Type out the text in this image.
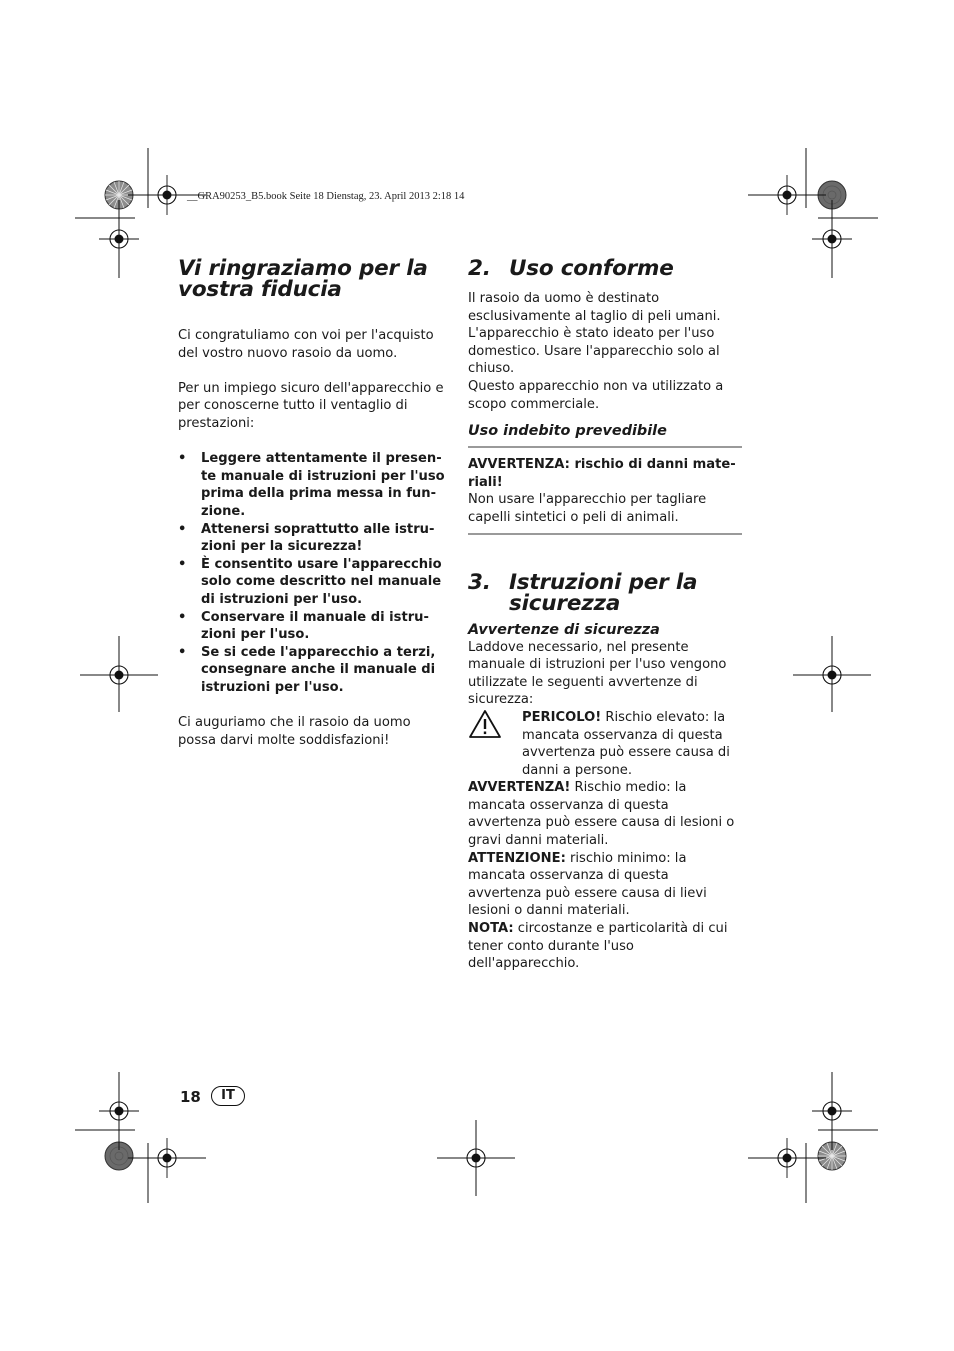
__GRA90253_B5.book Seite 18 Dienstag, 23. April 2013 2:18 14
Vi ringraziamo per la
vostra fiducia

Ci congratuliamo con voi per l'acquisto del vostro nuovo rasoio da uomo.

Per un impiego sicuro dell'apparecchio e per conoscerne tutto il ventaglio di prestazioni:

• Leggere attentamente il presente manuale di istruzioni per l'uso prima della prima messa in funzione.
• Attenersi soprattutto alle istruzioni per la sicurezza!
• È consentito usare l'apparecchio solo come descritto nel manuale di istruzioni per l'uso.
• Conservare il manuale di istruzioni per l'uso.
• Se si cede l'apparecchio a terzi, consegnare anche il manuale di istruzioni per l'uso.

Ci auguriamo che il rasoio da uomo possa darvi molte soddisfazioni!

2. Uso conforme

Il rasoio da uomo è destinato esclusivamente al taglio di peli umani.

L'apparecchio è stato ideato per l'uso domestico. Usare l'apparecchio solo al chiuso.

Questo apparecchio non va utilizzato a scopo commerciale.

Uso indebito prevedibile

AVVERTENZA: rischio di danni materiali!

Non usare l'apparecchio per tagliare capelli sintetici o peli di animali.

3. Istruzioni per la
sicurezza
Avvertenze di sicurezza

Laddove necessario, nel presente manuale di istruzioni per l'uso vengono utilizzate le seguenti avvertenze di sicurezza:

PERICOLO! Rischio elevato: la mancata osservanza di questa avvertenza può essere causa di danni a persone.

AVVERTENZA! Rischio medio: la mancata osservanza di questa avvertenza può essere causa di lesioni o gravi danni materiali.

ATTENZIONE: rischio minimo: la mancata osservanza di questa avvertenza può essere causa di lievi lesioni o danni materiali.

NOTA: circostanze e particolarità di cui tener conto durante l'uso dell'apparecchio.

18	IT
